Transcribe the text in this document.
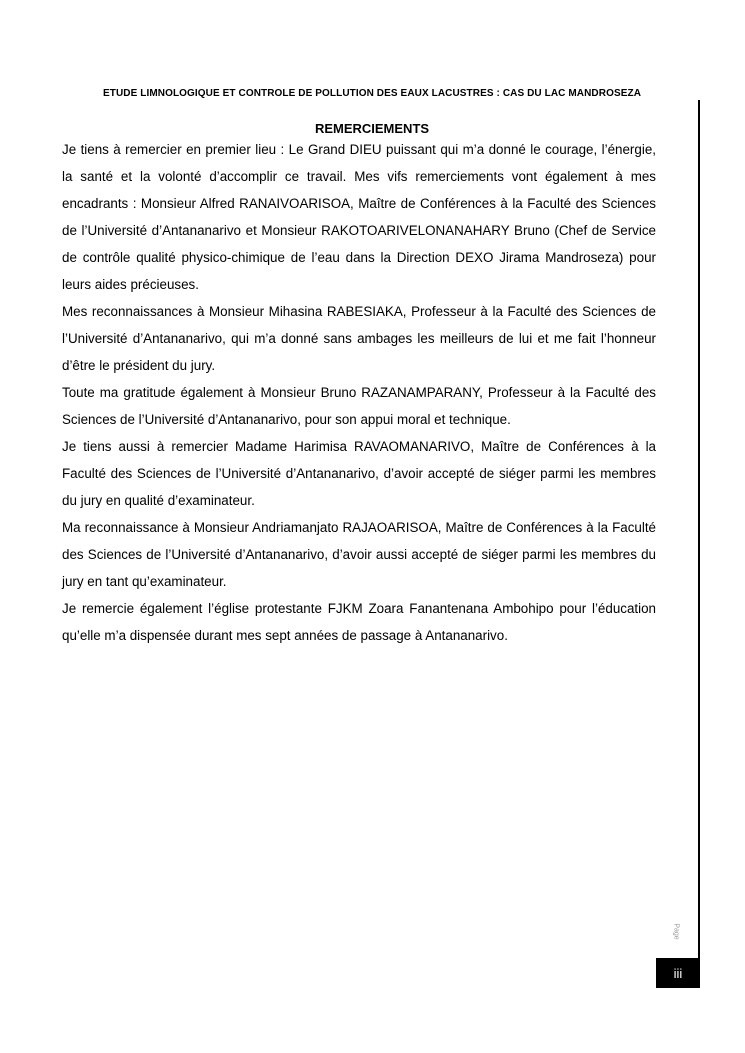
ETUDE LIMNOLOGIQUE ET CONTROLE DE POLLUTION DES EAUX LACUSTRES : CAS DU LAC MANDROSEZA
REMERCIEMENTS

Je tiens à remercier en premier lieu : Le Grand DIEU puissant qui m’a donné le courage, l’énergie, la santé et la volonté d’accomplir ce travail. Mes vifs remerciements vont également à mes encadrants : Monsieur Alfred RANAIVOARISOA, Maître de Conférences à la Faculté des Sciences de l’Université d’Antananarivo et Monsieur RAKOTOARIVELONANAHARY Bruno (Chef de Service de contrôle qualité physico-chimique de l’eau dans la Direction DEXO Jirama Mandroseza) pour leurs aides précieuses.

Mes reconnaissances à Monsieur Mihasina RABESIAKA, Professeur à la Faculté des Sciences de l’Université d’Antananarivo, qui m’a donné sans ambages les meilleurs de lui et me fait l’honneur d’être le président du jury.

Toute ma gratitude également à Monsieur Bruno RAZANAMPARANY, Professeur à la Faculté des Sciences de l’Université d’Antananarivo, pour son appui moral et technique.

Je tiens aussi à remercier Madame Harimisa RAVAOMANARIVO, Maître de Conférences à la Faculté des Sciences de l’Université d’Antananarivo, d’avoir accepté de siéger parmi les membres du jury en qualité d’examinateur.

Ma reconnaissance à Monsieur Andriamanjato RAJAOARISOA, Maître de Conférences à la Faculté des Sciences de l’Université d’Antananarivo, d’avoir aussi accepté de siéger parmi les membres du jury en tant qu’examinateur.

Je remercie également l’église protestante FJKM Zoara Fanantenana Ambohipo pour l’éducation qu’elle m’a dispensée durant mes sept années de passage à Antananarivo.

Page
iii
